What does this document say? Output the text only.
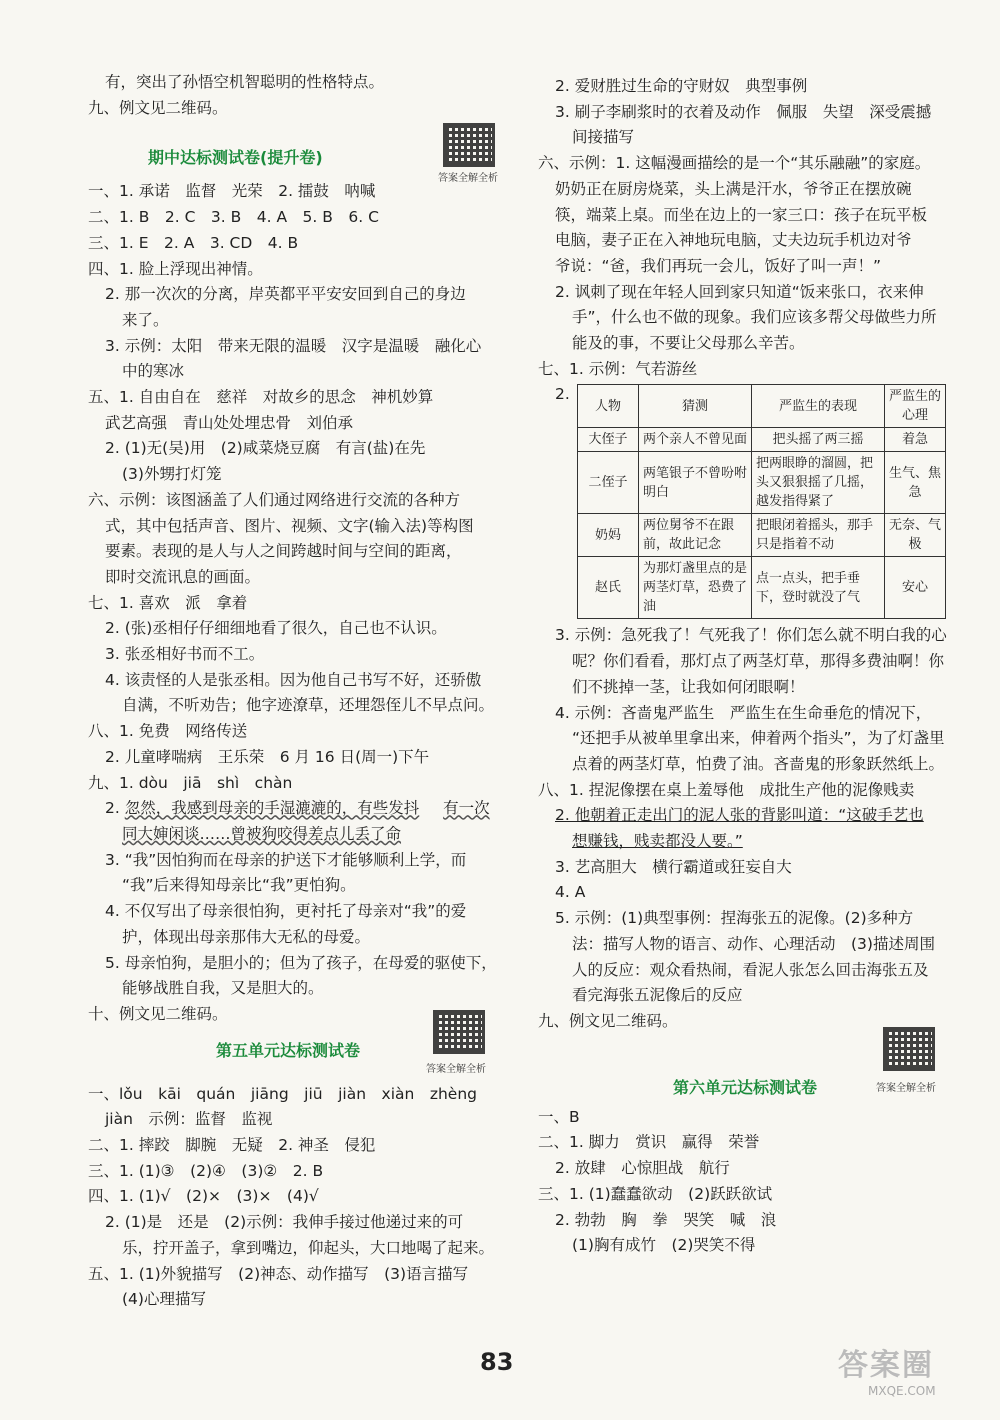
有，突出了孙悟空机智聪明的性格特点。
九、例文见二维码。
期中达标测试卷(提升卷)
答案全解全析
一、1. 承诺　监督　光荣　2. 擂鼓　呐喊
二、1. B　2. C　3. B　4. A　5. B　6. C
三、1. E　2. A　3. CD　4. B
四、1. 脸上浮现出神情。
2. 那一次次的分离，岸英都平平安安回到自己的身边
来了。
3. 示例：太阳　带来无限的温暖　汉字是温暖　融化心
中的寒冰
五、1. 自由自在　慈祥　对故乡的思念　神机妙算
武艺高强　青山处处埋忠骨　刘伯承
2. (1)无(吴)用　(2)咸菜烧豆腐　有言(盐)在先
(3)外甥打灯笼
六、示例：该图涵盖了人们通过网络进行交流的各种方
式，其中包括声音、图片、视频、文字(输入法)等构图
要素。表现的是人与人之间跨越时间与空间的距离，
即时交流讯息的画面。
七、1. 喜欢　派　拿着
2. (张)丞相仔仔细细地看了很久，自己也不认识。
3. 张丞相好书而不工。
4. 该责怪的人是张丞相。因为他自己书写不好，还骄傲
自满，不听劝告；他字迹潦草，还埋怨侄儿不早点问。
八、1. 免费　网络传送
2. 儿童哮喘病　王乐荣　6 月 16 日(周一)下午
九、1. dòu　jiā　shì　chàn
2. 忽然，我感到母亲的手湿漉漉的，有些发抖 有一次
同大婶闲谈……曾被狗咬得差点儿丢了命
3. “我”因怕狗而在母亲的护送下才能够顺利上学，而
“我”后来得知母亲比“我”更怕狗。
4. 不仅写出了母亲很怕狗，更衬托了母亲对“我”的爱
护，体现出母亲那伟大无私的母爱。
5. 母亲怕狗，是胆小的；但为了孩子，在母爱的驱使下，
能够战胜自我，又是胆大的。
十、例文见二维码。
第五单元达标测试卷
答案全解全析
一、lǒu　kāi　quán　jiāng　jiū　jiàn　xiàn　zhèng
jiàn　示例：监督　监视
二、1. 摔跤　脚腕　无疑　2. 神圣　侵犯
三、1. (1)③　(2)④　(3)②　2. B
四、1. (1)√　(2)×　(3)×　(4)√
2. (1)是　还是　(2)示例：我伸手接过他递过来的可
乐，拧开盖子，拿到嘴边，仰起头，大口地喝了起来。
五、1. (1)外貌描写　(2)神态、动作描写　(3)语言描写
(4)心理描写
2. 爱财胜过生命的守财奴　典型事例
3. 刷子李刷浆时的衣着及动作　佩服　失望　深受震撼
间接描写
六、示例：1. 这幅漫画描绘的是一个“其乐融融”的家庭。
奶奶正在厨房烧菜，头上满是汗水，爷爷正在摆放碗
筷，端菜上桌。而坐在边上的一家三口：孩子在玩平板
电脑，妻子正在入神地玩电脑，丈夫边玩手机边对爷
爷说：“爸，我们再玩一会儿，饭好了叫一声！”
2. 讽刺了现在年轻人回到家只知道“饭来张口，衣来伸
手”，什么也不做的现象。我们应该多帮父母做些力所
能及的事，不要让父母那么辛苦。
七、1. 示例：气若游丝
2.
人物	猜测	严监生的表现	严监生的心理
大侄子	两个亲人不曾见面	把头摇了两三摇	着急
二侄子	两笔银子不曾吩咐明白	把两眼睁的溜圆，把头又狠狠摇了几摇，越发指得紧了	生气、焦急
奶妈	两位舅爷不在跟前，故此记念	把眼闭着摇头，那手只是指着不动	无奈、气极
赵氏	为那灯盏里点的是两茎灯草，恐费了油	点一点头，把手垂下，登时就没了气	安心
3. 示例：急死我了！气死我了！你们怎么就不明白我的心
呢？你们看看，那灯点了两茎灯草，那得多费油啊！你
们不挑掉一茎，让我如何闭眼啊！
4. 示例：吝啬鬼严监生　严监生在生命垂危的情况下，
“还把手从被单里拿出来，伸着两个指头”，为了灯盏里
点着的两茎灯草，怕费了油。吝啬鬼的形象跃然纸上。
八、1. 捏泥像摆在桌上羞辱他　成批生产他的泥像贱卖
2. 他朝着正走出门的泥人张的背影叫道：“这破手艺也
想赚钱，贱卖都没人要。”
3. 艺高胆大　横行霸道或狂妄自大
4. A
5. 示例：(1)典型事例：捏海张五的泥像。(2)多种方
法：描写人物的语言、动作、心理活动　(3)描述周围
人的反应：观众看热闹，看泥人张怎么回击海张五及
看完海张五泥像后的反应
九、例文见二维码。
第六单元达标测试卷	答案全解全析
一、B
二、1. 脚力　赏识　赢得　荣誉
2. 放肆　心惊胆战　航行
三、1. (1)蠢蠢欲动　(2)跃跃欲试
2. 勃勃　胸　拳　哭笑　喊　浪
(1)胸有成竹　(2)哭笑不得
83	答案圈
MXQE.COM
